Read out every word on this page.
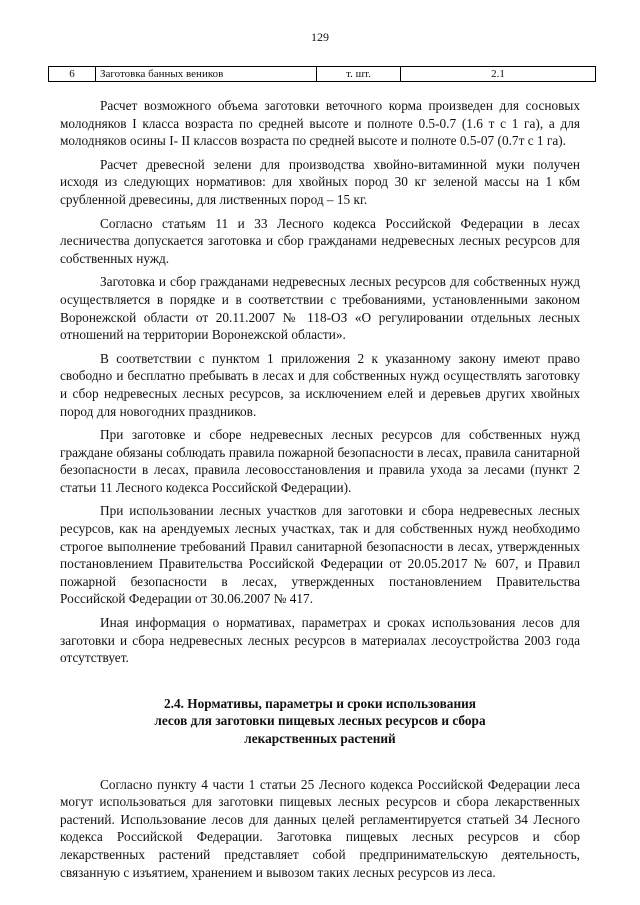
129
6	Заготовка банных веников	т. шт.	2.1

Расчет возможного объема заготовки веточного корма произведен для сосновых молодняков I класса возраста по средней высоте и полноте 0.5-0.7 (1.6 т с 1 га), а для молодняков осины I- II классов возраста по средней высоте и полноте 0.5-07 (0.7т с 1 га).

Расчет древесной зелени для производства хвойно-витаминной муки получен исходя из следующих нормативов: для хвойных пород 30 кг зеленой массы на 1 кбм срубленной древесины, для лиственных пород – 15 кг.

Согласно статьям 11 и 33 Лесного кодекса Российской Федерации в лесах лесничества допускается заготовка и сбор гражданами недревесных лесных ресурсов для собственных нужд.

Заготовка и сбор гражданами недревесных лесных ресурсов для собственных нужд осуществляется в порядке и в соответствии с требованиями, установленными законом Воронежской области от 20.11.2007 № 118-ОЗ «О регулировании отдельных лесных отношений на территории Воронежской области».

В соответствии с пунктом 1 приложения 2 к указанному закону имеют право свободно и бесплатно пребывать в лесах и для собственных нужд осуществлять заготовку и сбор недревесных лесных ресурсов, за исключением елей и деревьев других хвойных пород для новогодних праздников.

При заготовке и сборе недревесных лесных ресурсов для собственных нужд граждане обязаны соблюдать правила пожарной безопасности в лесах, правила санитарной безопасности в лесах, правила лесовосстановления и правила ухода за лесами (пункт 2 статьи 11 Лесного кодекса Российской Федерации).

При использовании лесных участков для заготовки и сбора недревесных лесных ресурсов, как на арендуемых лесных участках, так и для собственных нужд необходимо строгое выполнение требований Правил санитарной безопасности в лесах, утвержденных постановлением Правительства Российской Федерации от 20.05.2017 № 607, и Правил пожарной безопасности в лесах, утвержденных постановлением Правительства Российской Федерации от 30.06.2007 № 417.

Иная информация о нормативах, параметрах и сроках использования лесов для заготовки и сбора недревесных лесных ресурсов в материалах лесоустройства 2003 года отсутствует.

2.4. Нормативы, параметры и сроки использования
лесов для заготовки пищевых лесных ресурсов и сбора
лекарственных растений

Согласно пункту 4 части 1 статьи 25 Лесного кодекса Российской Федерации леса могут использоваться для заготовки пищевых лесных ресурсов и сбора лекарственных растений. Использование лесов для данных целей регламентируется статьей 34 Лесного кодекса Российской Федерации. Заготовка пищевых лесных ресурсов и сбор лекарственных растений представляет собой предпринимательскую деятельность, связанную с изъятием, хранением и вывозом таких лесных ресурсов из леса.
